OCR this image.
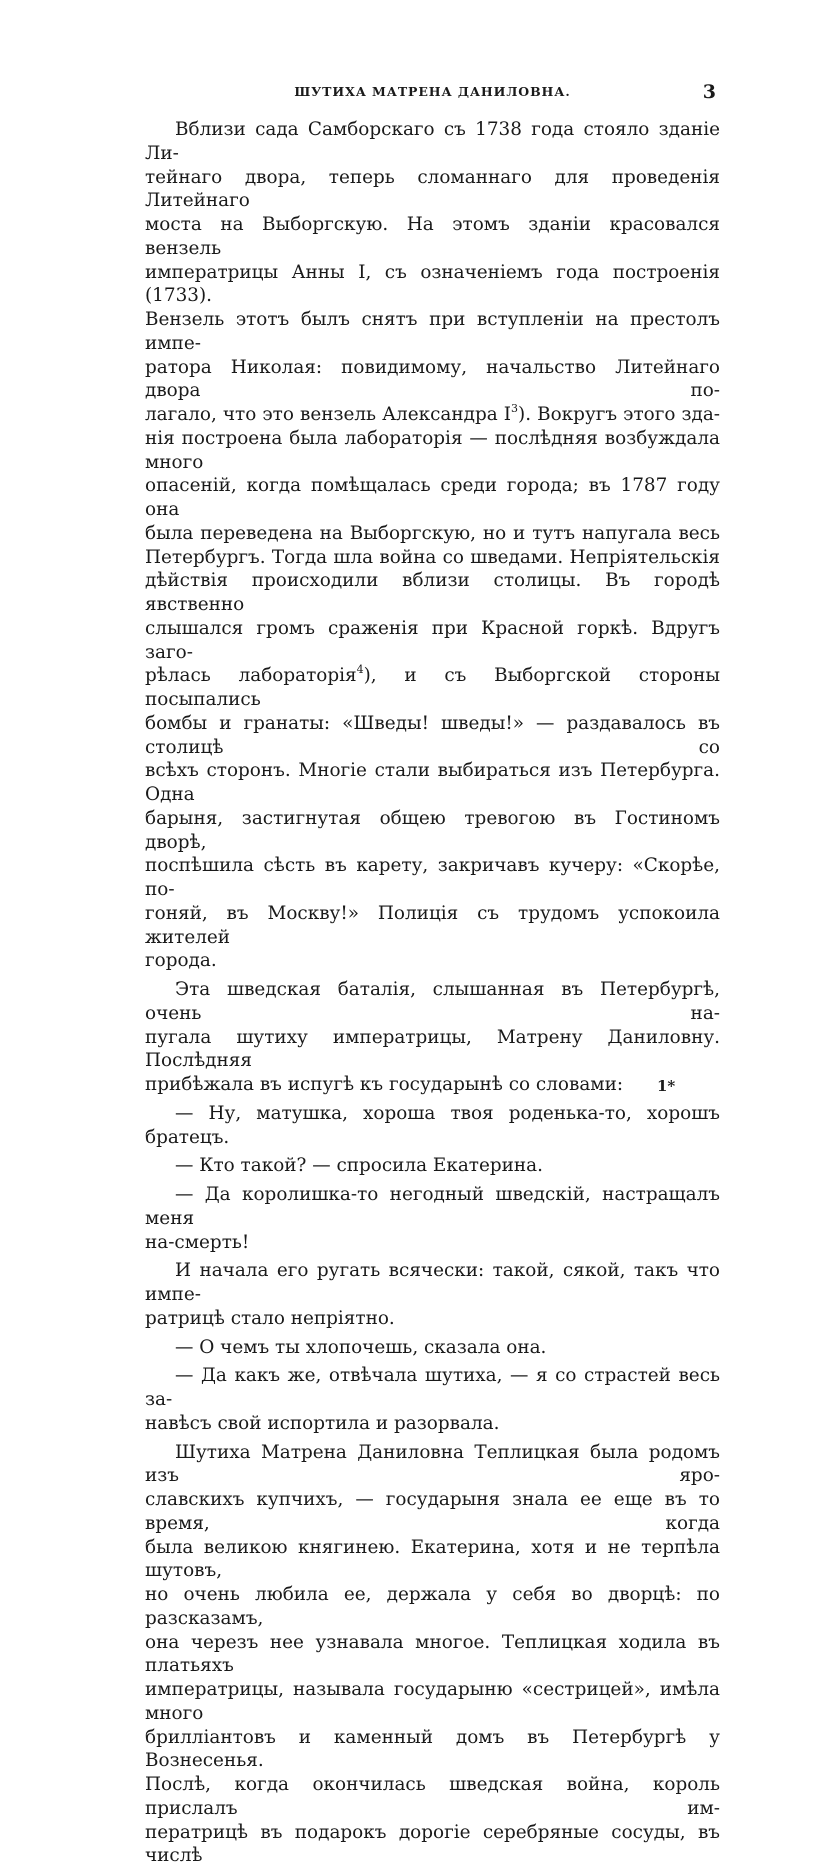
ШУТИХА МАТРЕНА ДАНИЛОВНА.	3

Вблизи сада Самборскаго съ 1738 года стояло зданіе Ли-

тейнаго двора, теперь сломаннаго для проведенія Литейнаго

моста на Выборгскую. На этомъ зданіи красовался вензель

императрицы Анны I, съ означеніемъ года построенія (1733).

Вензель этотъ былъ снятъ при вступленіи на престолъ импе-

ратора Николая: повидимому, начальство Литейнаго двора по-

лагало, что это вензель Александра $I^3$). Вокругъ этого зда-

нія построена была лабораторія — послѣдняя возбуждала много

опасеній, когда помѣщалась среди города; въ 1787 году она

была переведена на Выборгскую, но и тутъ напугала весь

Петербургъ. Тогда шла война со шведами. Непріятельскія

дѣйствія происходили вблизи столицы. Въ городѣ явственно

слышался громъ сраженія при Красной горкѣ. Вдругъ заго-

рѣлась лабораторія$^4$), и съ Выборгской стороны посыпались

бомбы и гранаты: «Шведы! шведы!» — раздавалось въ столицѣ со

всѣхъ сторонъ. Многіе стали выбираться изъ Петербурга. Одна

барыня, застигнутая общею тревогою въ Гостиномъ дворѣ,

поспѣшила сѣсть въ карету, закричавъ кучеру: «Скорѣе, по-

гоняй, въ Москву!» Полиція съ трудомъ успокоила жителей

города.

Эта шведская баталія, слышанная въ Петербургѣ, очень на-

пугала шутиху императрицы, Матрену Даниловну. Послѣдняя

прибѣжала въ испугѣ къ государынѣ со словами:

— Ну, матушка, хороша твоя роденька-то, хорошъ братецъ.

— Кто такой? — спросила Екатерина.

— Да королишка-то негодный шведскій, настращалъ меня

на-смерть!

И начала его ругать всячески: такой, сякой, такъ что импе-

ратрицѣ стало непріятно.

— О чемъ ты хлопочешь, сказала она.

— Да какъ же, отвѣчала шутиха, — я со страстей весь за-

навѣсъ свой испортила и разорвала.

Шутиха Матрена Даниловна Теплицкая была родомъ изъ яро-

славскихъ купчихъ, — государыня знала ее еще въ то время, когда

была великою княгинею. Екатерина, хотя и не терпѣла шутовъ,

но очень любила ее, держала у себя во дворцѣ: по разсказамъ,

она черезъ нее узнавала многое. Теплицкая ходила въ платьяхъ

императрицы, называла государыню «сестрицей», имѣла много

брилліантовъ и каменный домъ въ Петербургѣ у Вознесенья.

Послѣ, когда окончилась шведская война, король прислалъ им-

ператрицѣ въ подарокъ дорогіе серебряные сосуды, въ числѣ

1*
